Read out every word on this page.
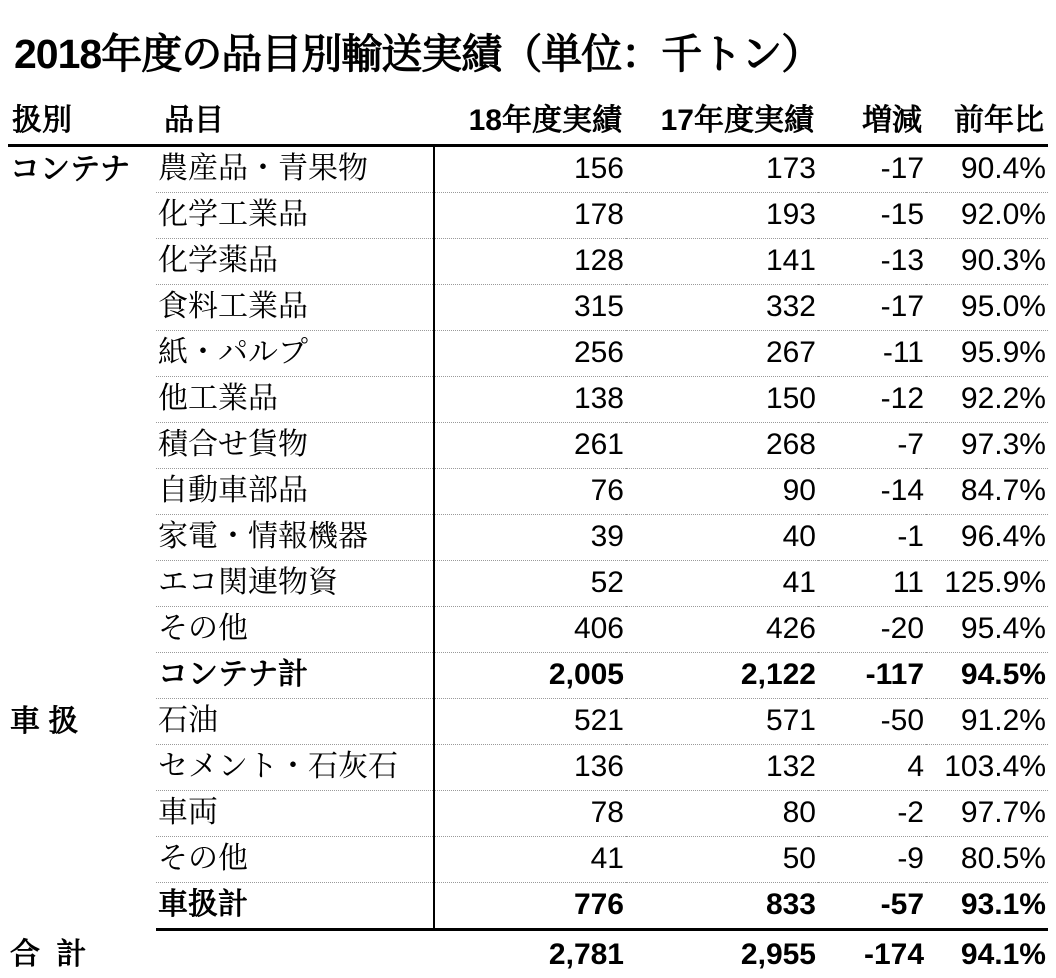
2018年度の品目別輸送実績（単位：千トン）
扱別	品目	18年度実績	17年度実績	増減	前年比
コンテナ	農産品・青果物	156	173	-17	90.4%
	化学工業品	178	193	-15	92.0%
	化学薬品	128	141	-13	90.3%
	食料工業品	315	332	-17	95.0%
	紙・パルプ	256	267	-11	95.9%
	他工業品	138	150	-12	92.2%
	積合せ貨物	261	268	-7	97.3%
	自動車部品	76	90	-14	84.7%
	家電・情報機器	39	40	-1	96.4%
	エコ関連物資	52	41	11	125.9%
	その他	406	426	-20	95.4%
	コンテナ計	2,005	2,122	-117	94.5%
車 扱	石油	521	571	-50	91.2%
	セメント・石灰石	136	132	4	103.4%
	車両	78	80	-2	97.7%
	その他	41	50	-9	80.5%
	車扱計	776	833	-57	93.1%
合 計		2,781	2,955	-174	94.1%
